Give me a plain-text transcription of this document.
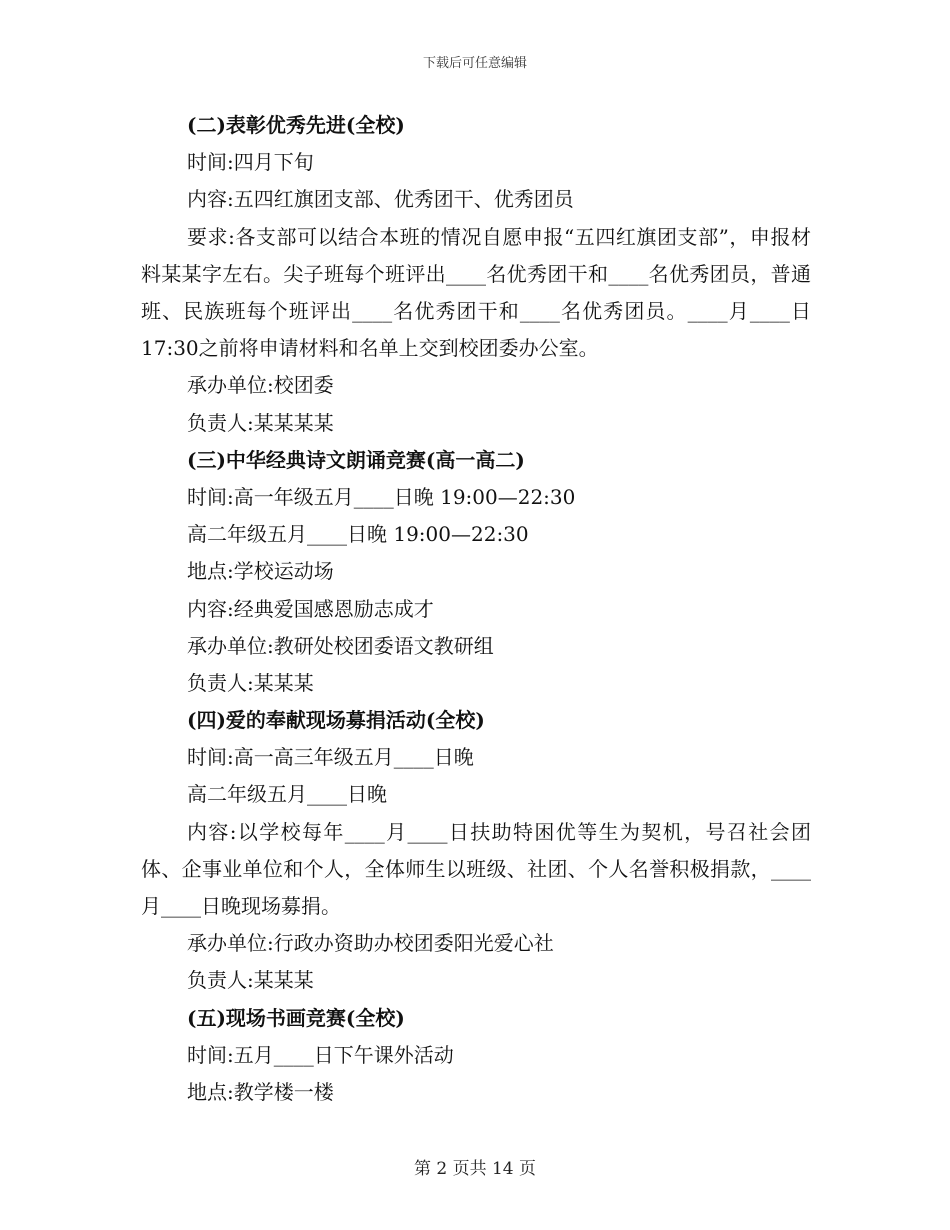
下载后可任意编辑
(二)表彰优秀先进(全校)
时间:四月下旬
内容:五四红旗团支部、优秀团干、优秀团员
要求:各支部可以结合本班的情况自愿申报“五四红旗团支部”，申报材料某某字左右。尖子班每个班评出____名优秀团干和____名优秀团员，普通班、民族班每个班评出____名优秀团干和____名优秀团员。____月____日17:30之前将申请材料和名单上交到校团委办公室。
承办单位:校团委
负责人:某某某某
(三)中华经典诗文朗诵竞赛(高一高二)
时间:高一年级五月____日晚 19:00—22:30
高二年级五月____日晚 19:00—22:30
地点:学校运动场
内容:经典爱国感恩励志成才
承办单位:教研处校团委语文教研组
负责人:某某某
(四)爱的奉献现场募捐活动(全校)
时间:高一高三年级五月____日晚
高二年级五月____日晚
内容:以学校每年____月____日扶助特困优等生为契机，号召社会团体、企事业单位和个人，全体师生以班级、社团、个人名誉积极捐款，____月____日晚现场募捐。
承办单位:行政办资助办校团委阳光爱心社
负责人:某某某
(五)现场书画竞赛(全校)
时间:五月____日下午课外活动
地点:教学楼一楼
第 2 页共 14 页
